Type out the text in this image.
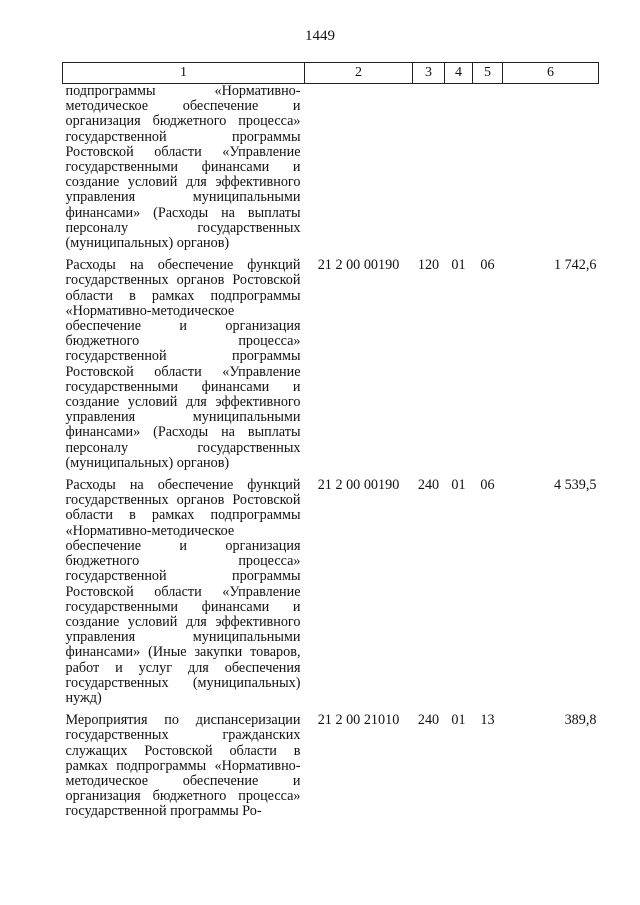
1449
1	2	3	4	5	6
подпрограммы «Нормативно-методическое обеспечение и организация бюджетного процесса» государственной программы Ростовской области «Управление государственными финансами и создание условий для эффективного управления муниципальными финансами» (Расходы на выплаты персоналу государственных (муниципальных) органов)					
Расходы на обеспечение функций государственных органов Ростовской области в рамках подпрограммы «Нормативно-методическое обеспечение и организация бюджетного процесса» государственной программы Ростовской области «Управление государственными финансами и создание условий для эффективного управления муниципальными финансами» (Расходы на выплаты персоналу государственных (муниципальных) органов)	21 2 00 00190	120	01	06	1 742,6
Расходы на обеспечение функций государственных органов Ростовской области в рамках подпрограммы «Нормативно-методическое обеспечение и организация бюджетного процесса» государственной программы Ростовской области «Управление государственными финансами и создание условий для эффективного управления муниципальными финансами» (Иные закупки товаров, работ и услуг для обеспечения государственных (муниципальных) нужд)	21 2 00 00190	240	01	06	4 539,5
Мероприятия по диспансеризации государственных гражданских служащих Ростовской области в рамках подпрограммы «Нормативно-методическое обеспечение и организация бюджетного процесса» государственной программы Ро-	21 2 00 21010	240	01	13	389,8
